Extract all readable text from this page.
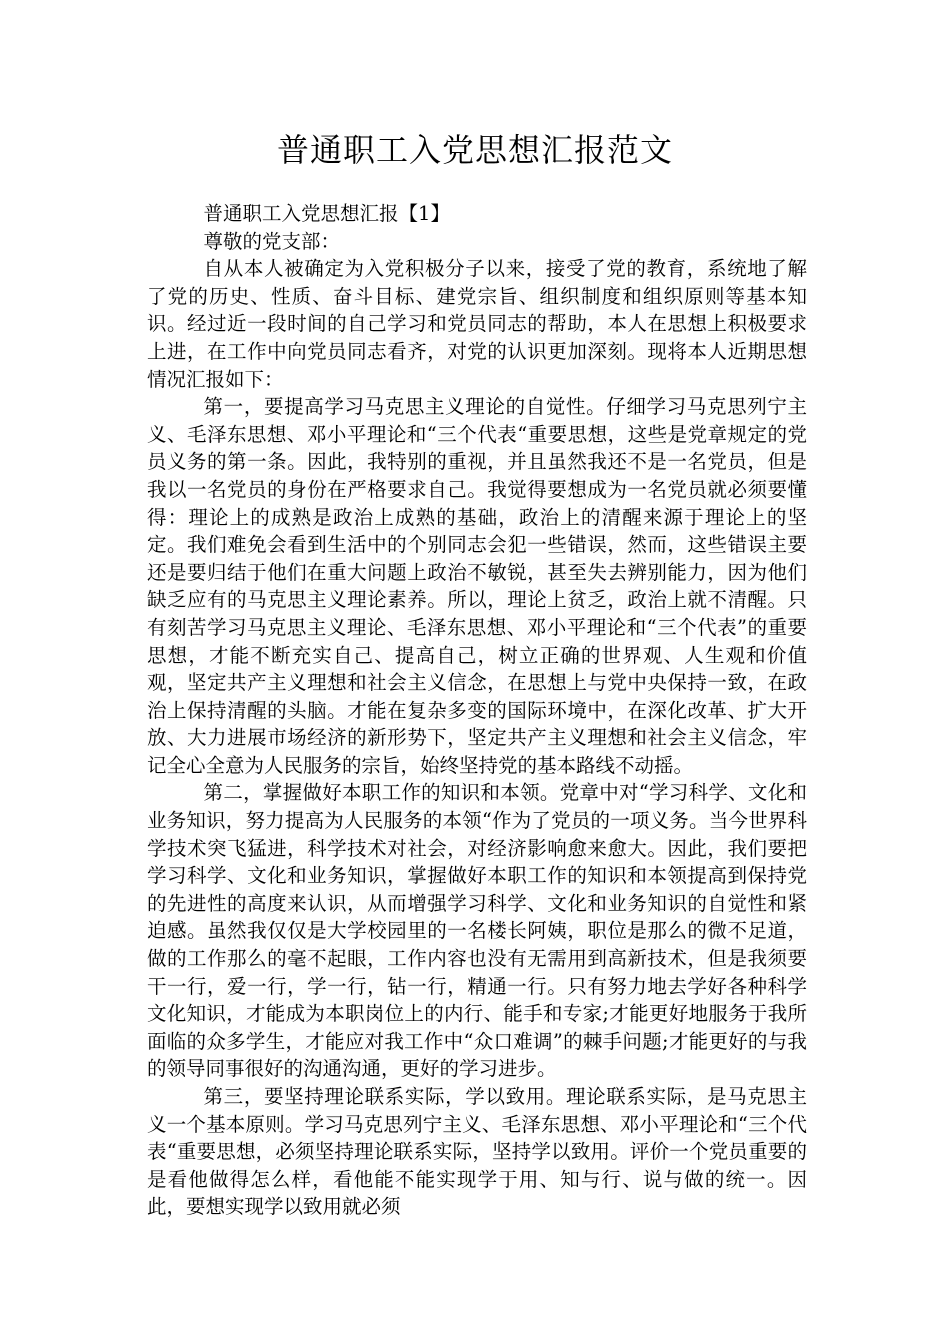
普通职工入党思想汇报范文

普通职工入党思想汇报【1】

尊敬的党支部：

自从本人被确定为入党积极分子以来，接受了党的教育，系统地了解了党的历史、性质、奋斗目标、建党宗旨、组织制度和组织原则等基本知识。经过近一段时间的自己学习和党员同志的帮助，本人在思想上积极要求上进，在工作中向党员同志看齐，对党的认识更加深刻。现将本人近期思想情况汇报如下：

第一，要提高学习马克思主义理论的自觉性。仔细学习马克思列宁主义、毛泽东思想、邓小平理论和“三个代表“重要思想，这些是党章规定的党员义务的第一条。因此，我特别的重视，并且虽然我还不是一名党员，但是我以一名党员的身份在严格要求自己。我觉得要想成为一名党员就必须要懂得：理论上的成熟是政治上成熟的基础，政治上的清醒来源于理论上的坚定。我们难免会看到生活中的个别同志会犯一些错误，然而，这些错误主要还是要归结于他们在重大问题上政治不敏锐，甚至失去辨别能力，因为他们缺乏应有的马克思主义理论素养。所以，理论上贫乏，政治上就不清醒。只有刻苦学习马克思主义理论、毛泽东思想、邓小平理论和“三个代表”的重要思想，才能不断充实自己、提高自己，树立正确的世界观、人生观和价值观，坚定共产主义理想和社会主义信念，在思想上与党中央保持一致，在政治上保持清醒的头脑。才能在复杂多变的国际环境中，在深化改革、扩大开放、大力进展市场经济的新形势下，坚定共产主义理想和社会主义信念，牢记全心全意为人民服务的宗旨，始终坚持党的基本路线不动摇。

第二，掌握做好本职工作的知识和本领。党章中对“学习科学、文化和业务知识，努力提高为人民服务的本领“作为了党员的一项义务。当今世界科学技术突飞猛进，科学技术对社会，对经济影响愈来愈大。因此，我们要把学习科学、文化和业务知识，掌握做好本职工作的知识和本领提高到保持党的先进性的高度来认识，从而增强学习科学、文化和业务知识的自觉性和紧迫感。虽然我仅仅是大学校园里的一名楼长阿姨，职位是那么的微不足道，做的工作那么的毫不起眼，工作内容也没有无需用到高新技术，但是我须要干一行，爱一行，学一行，钻一行，精通一行。只有努力地去学好各种科学文化知识，才能成为本职岗位上的内行、能手和专家;才能更好地服务于我所面临的众多学生，才能应对我工作中“众口难调”的棘手问题;才能更好的与我的领导同事很好的沟通沟通，更好的学习进步。

第三，要坚持理论联系实际，学以致用。理论联系实际，是马克思主义一个基本原则。学习马克思列宁主义、毛泽东思想、邓小平理论和“三个代表“重要思想，必须坚持理论联系实际，坚持学以致用。评价一个党员重要的是看他做得怎么样，看他能不能实现学于用、知与行、说与做的统一。因此，要想实现学以致用就必须
